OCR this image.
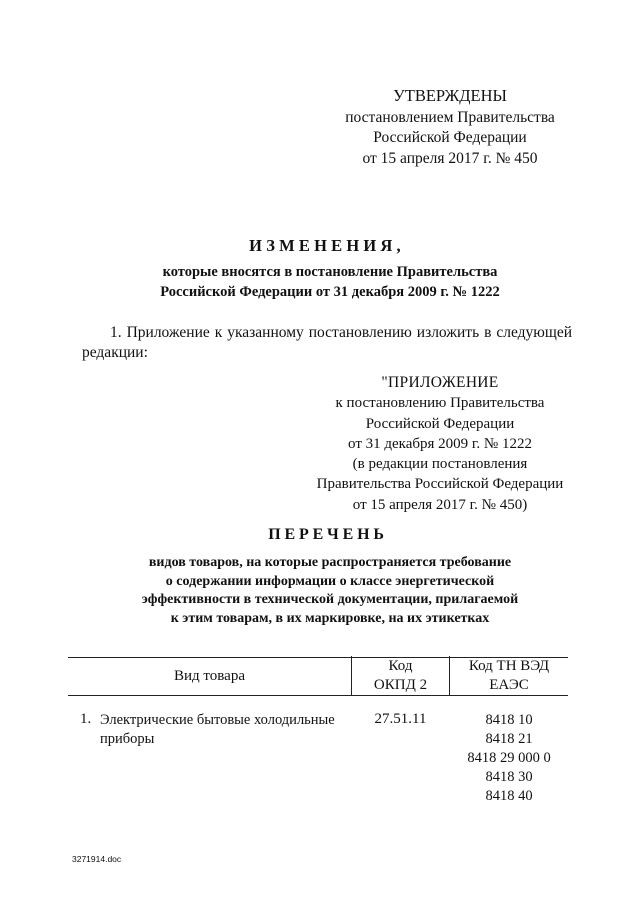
УТВЕРЖДЕНЫ
постановлением Правительства
Российской Федерации
от 15 апреля 2017 г. № 450
ИЗМЕНЕНИЯ,
которые вносятся в постановление Правительства
Российской Федерации от 31 декабря 2009 г. № 1222
1. Приложение к указанному постановлению изложить в следующей
редакции:
"ПРИЛОЖЕНИЕ
к постановлению Правительства
Российской Федерации
от 31 декабря 2009 г. № 1222
(в редакции постановления
Правительства Российской Федерации
от 15 апреля 2017 г. № 450)
ПЕРЕЧЕНЬ
видов товаров, на которые распространяется требование
о содержании информации о классе энергетической
эффективности в технической документации, прилагаемой
к этим товарам, в их маркировке, на их этикетках
Вид товара
Код
ОКПД 2
Код ТН ВЭД
ЕАЭС
1. Электрические бытовые холодильные приборы
27.51.11	8418 10
8418 21
8418 29 000 0
8418 30
8418 40
3271914.doc
